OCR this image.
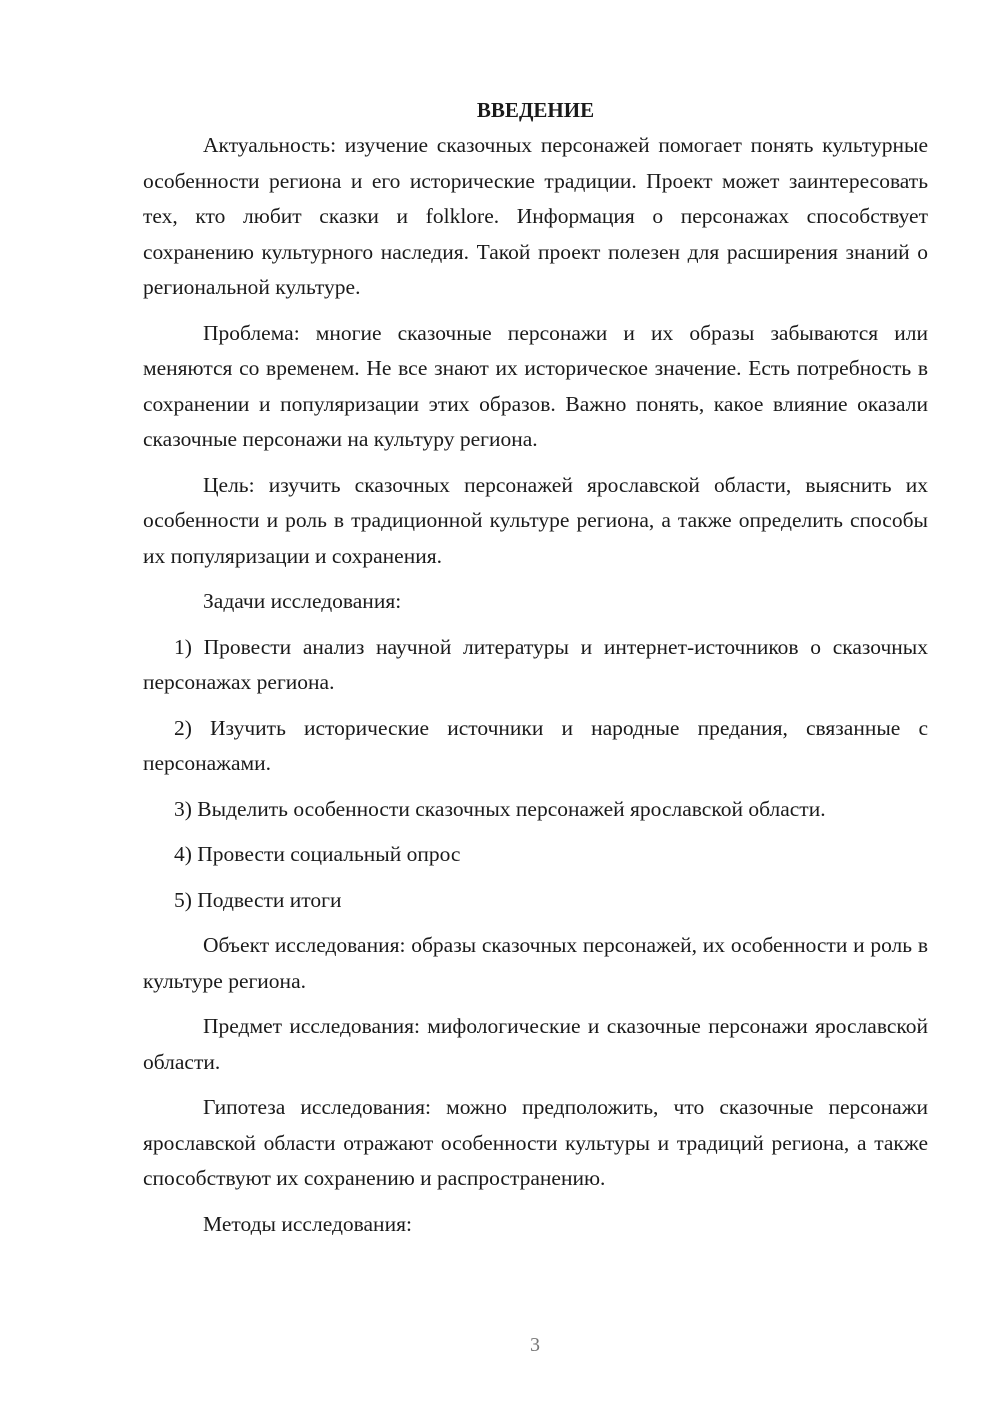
ВВЕДЕНИЕ

Актуальность: изучение сказочных персонажей помогает понять культурные особенности региона и его исторические традиции. Проект может заинтересовать тех, кто любит сказки и folklore. Информация о персонажах способствует сохранению культурного наследия. Такой проект полезен для расширения знаний о региональной культуре.

Проблема: многие сказочные персонажи и их образы забываются или меняются со временем. Не все знают их историческое значение. Есть потребность в сохранении и популяризации этих образов. Важно понять, какое влияние оказали сказочные персонажи на культуру региона.

Цель: изучить сказочных персонажей ярославской области, выяснить их особенности и роль в традиционной культуре региона, а также определить способы их популяризации и сохранения.

Задачи исследования:

1) Провести анализ научной литературы и интернет-источников о сказочных персонажах региона.

2) Изучить исторические источники и народные предания, связанные с персонажами.

3) Выделить особенности сказочных персонажей ярославской области.

4) Провести социальный опрос

5) Подвести итоги

Объект исследования: образы сказочных персонажей, их особенности и роль в культуре региона.

Предмет исследования: мифологические и сказочные персонажи ярославской области.

Гипотеза исследования: можно предположить, что сказочные персонажи ярославской области отражают особенности культуры и традиций региона, а также способствуют их сохранению и распространению.

Методы исследования:

3
